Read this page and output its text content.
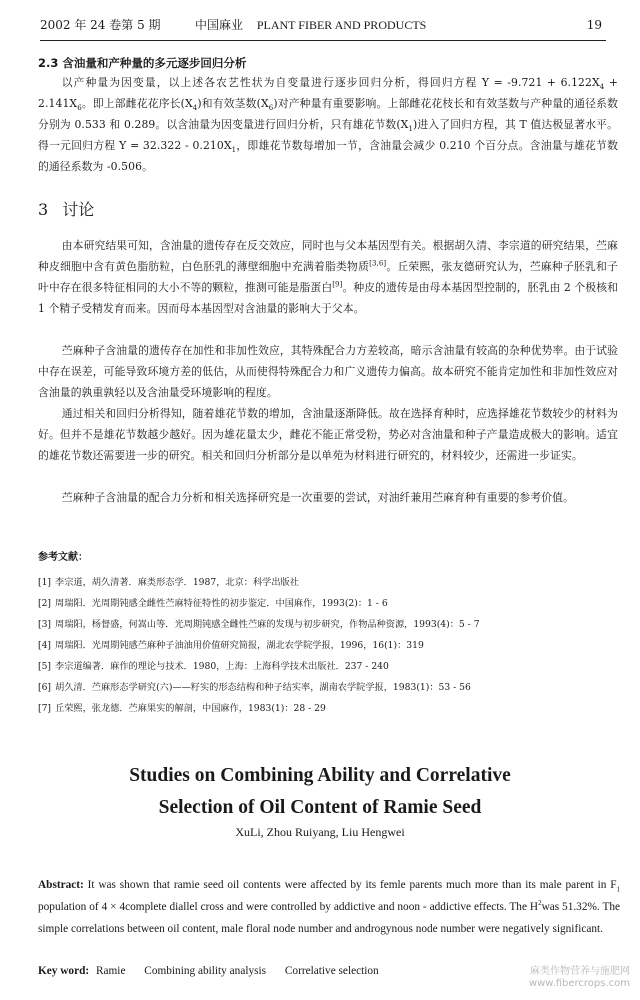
2002 年 24 卷第 5 期	中国麻业 PLANT FIBER AND PRODUCTS	19
2.3 含油量和产种量的多元逐步回归分析
以产种量为因变量，以上述各农艺性状为自变量进行逐步回归分析，得回归方程 $Y = -9.721 + 6.122X_4 + 2.141X_6$。即上部雌花花序长$(X_4)$和有效茎数$(X_6)$对产种量有重要影响。上部雌花花枝长和有效茎数与产种量的通径系数分别为 0.533 和 0.289。以含油量为因变量进行回归分析，只有雄花节数$(X_1)$进入了回归方程，其 T 值达极显著水平。得一元回归方程 $Y = 32.322 - 0.210X_1$，即雄花节数每增加一节，含油量会减少 0.210 个百分点。含油量与雄花节数的通径系数为 -0.506。
3 讨论
由本研究结果可知，含油量的遗传存在反交效应，同时也与父本基因型有关。根据胡久清、李宗道的研究结果，苎麻种皮细胞中含有黄色脂肪粒，白色胚乳的薄壁细胞中充满着脂类物质[3,6]。丘荣熙，张友德研究认为，苎麻种子胚乳和子叶中存在很多特征相同的大小不等的颗粒，推测可能是脂蛋白[9]。种皮的遗传是由母本基因型控制的，胚乳由 2 个极核和 1 个精子受精发育而来。因而母本基因型对含油量的影响大于父本。
苎麻种子含油量的遗传存在加性和非加性效应，其特殊配合力方差较高，暗示含油量有较高的杂种优势率。由于试验中存在误差，可能导致环境方差的低估，从而使得特殊配合力和广义遗传力偏高。故本研究不能肯定加性和非加性效应对含油量的孰重孰轻以及含油量受环境影响的程度。
通过相关和回归分析得知，随着雄花节数的增加，含油量逐渐降低。故在选择育种时，应选择雄花节数较少的材料为好。但并不是雄花节数越少越好。因为雄花量太少，雌花不能正常受粉，势必对含油量和种子产量造成极大的影响。适宜的雄花节数还需要进一步的研究。相关和回归分析部分是以单苑为材料进行研究的，材料较少，还需进一步证实。
苎麻种子含油量的配合力分析和相关选择研究是一次重要的尝试，对油纤兼用苎麻育种有重要的参考价值。
参考文献：
[1] 李宗道，胡久清著．麻类形态学．1987，北京：科学出版社
[2] 周瑞阳．光周期钝感全雌性苎麻特征特性的初步鉴定．中国麻作，1993(2)：1 - 6
[3] 周瑞阳，杨督盛，何嵩山等．光周期钝感全雌性苎麻的发现与初步研究，作物品种资源，1993(4)：5 - 7
[4] 周瑞阳．光周期钝感苎麻种子油油用价值研究简报，湖北农学院学报，1996，16(1)：319
[5] 李宗道编著．麻作的理论与技术．1980，上海：上海科学技术出版社．237 - 240
[6] 胡久清．苎麻形态学研究(六)——籽实的形态结构和种子结实率，湖南农学院学报，1983(1)：53 - 56
[7] 丘荣熙，张龙德．苎麻果实的解剖，中国麻作，1983(1)：28 - 29
Studies on Combining Ability and Correlative
Selection of Oil Content of Ramie Seed
XuLi, Zhou Ruiyang, Liu Hengwei
Abstract: It was shown that ramie seed oil contents were affected by its femle parents much more than its male parent in $F_1$ population of 4 × 4complete diallel cross and were controlled by addictive and noon - addictive effects. The $H^2was$ 51.32%. The simple correlations between oil content, male floral node number and androgynous node number were negatively significant.
Key word: Ramie Combining ability analysis Correlative selection	麻类作物营养与施肥网
www.fibercrops.com
